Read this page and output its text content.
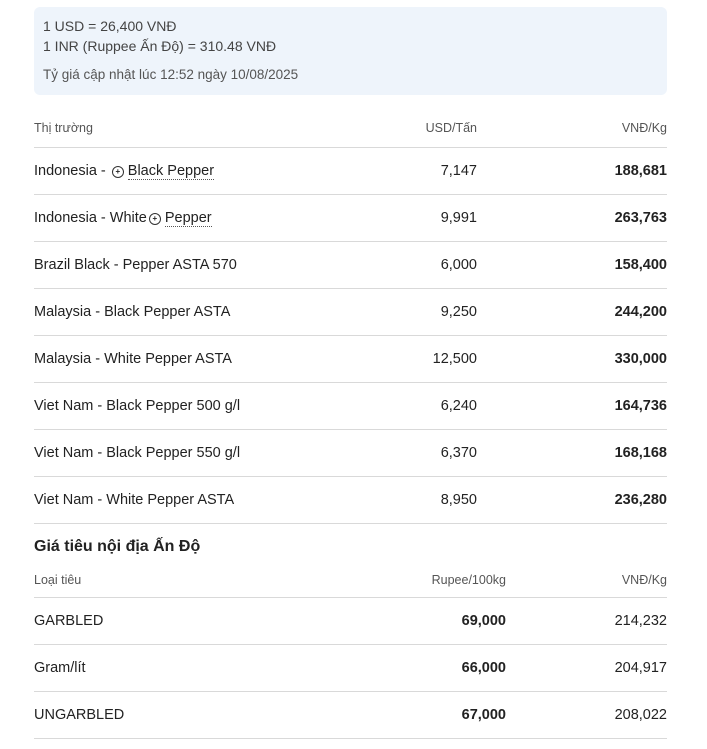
1 USD = 26,400 VNĐ
1 INR (Ruppee Ấn Độ) = 310.48 VNĐ
Tỷ giá cập nhật lúc 12:52 ngày 10/08/2025
Thị trường	USD/Tấn	VNĐ/Kg
Indonesia - + Black Pepper	7,147	188,681
Indonesia - White + Pepper	9,991	263,763
Brazil Black - Pepper ASTA 570	6,000	158,400
Malaysia - Black Pepper ASTA	9,250	244,200
Malaysia - White Pepper ASTA	12,500	330,000
Viet Nam - Black Pepper 500 g/l	6,240	164,736
Viet Nam - Black Pepper 550 g/l	6,370	168,168
Viet Nam - White Pepper ASTA	8,950	236,280
Giá tiêu nội địa Ấn Độ
Loại tiêu	Rupee/100kg	VNĐ/Kg
GARBLED	69,000	214,232
Gram/lít	66,000	204,917
UNGARBLED	67,000	208,022
